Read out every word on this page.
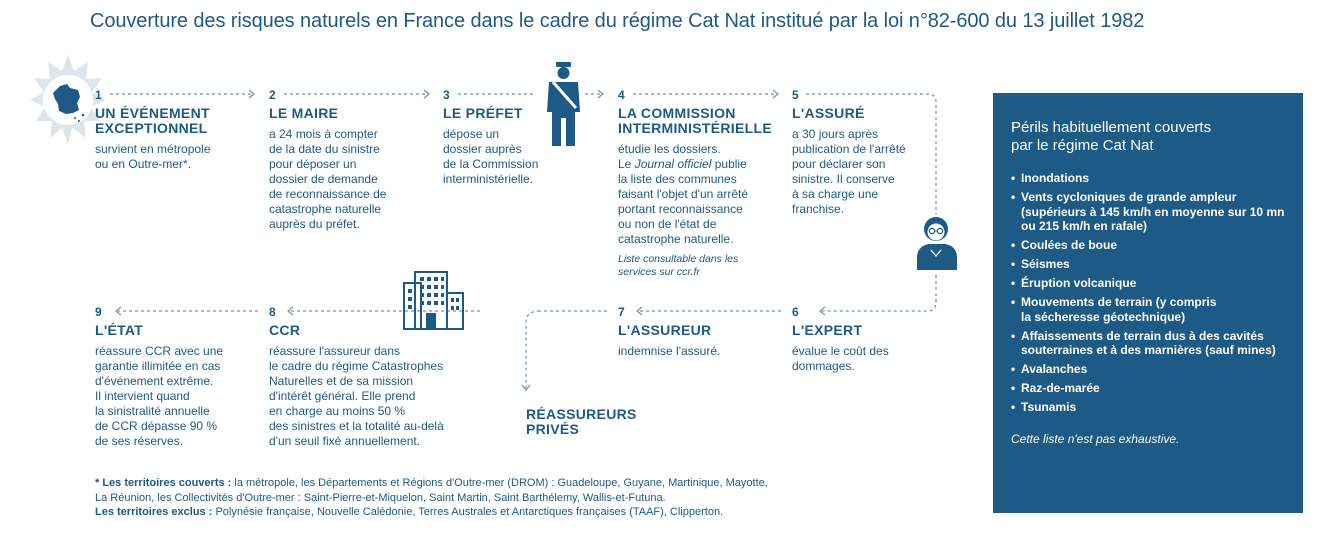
Couverture des risques naturels en France dans le cadre du régime Cat Nat institué par la loi n°82-600 du 13 juillet 1982
1
UN ÉVÉNEMENT
EXCEPTIONNEL
survient en métropole
ou en Outre-mer*.
2
LE MAIRE
a 24 mois à compter
de la date du sinistre
pour déposer un
dossier de demande
de reconnaissance de
catastrophe naturelle
auprès du préfet.
3
LE PRÉFET
dépose un
dossier auprès
de la Commission
interministérielle.
4
LA COMMISSION
INTERMINISTÉRIELLE
étudie les dossiers.
Le Journal officiel publie
la liste des communes
faisant l'objet d'un arrêté
portant reconnaissance
ou non de l'état de
catastrophe naturelle.
Liste consultable dans les
services sur ccr.fr
5
L'ASSURÉ
a 30 jours après
publication de l'arrêté
pour déclarer son
sinistre. Il conserve
à sa charge une
franchise.
6
L'EXPERT
évalue le coût des
dommages.
7
L'ASSUREUR
indemnise l'assuré.
8
CCR
réassure l'assureur dans
le cadre du régime Catastrophes
Naturelles et de sa mission
d'intérêt général. Elle prend
en charge au moins 50 %
des sinistres et la totalité au-delà
d'un seuil fixé annuellement.
9
L'ÉTAT
réassure CCR avec une
garantie illimitée en cas
d'événement extrême.
Il intervient quand
la sinistralité annuelle
de CCR dépasse 90 %
de ses réserves.
RÉASSUREURS
PRIVÉS
* Les territoires couverts : la métropole, les Départements et Régions d'Outre-mer (DROM) : Guadeloupe, Guyane, Martinique, Mayotte,
La Réunion, les Collectivités d'Outre-mer : Saint-Pierre-et-Miquelon, Saint Martin, Saint Barthélemy, Wallis-et-Futuna.
Les territoires exclus : Polynésie française, Nouvelle Calédonie, Terres Australes et Antarctiques françaises (TAAF), Clipperton.
Périls habituellement couverts
par le régime Cat Nat
• Inondations
• Vents cycloniques de grande ampleur
(supérieurs à 145 km/h en moyenne sur 10 mn
ou 215 km/h en rafale)
• Coulées de boue
• Séismes
• Éruption volcanique
• Mouvements de terrain (y compris
la sécheresse géotechnique)
• Affaissements de terrain dus à des cavités
souterraines et à des marnières (sauf mines)
• Avalanches
• Raz-de-marée
• Tsunamis
Cette liste n'est pas exhaustive.
